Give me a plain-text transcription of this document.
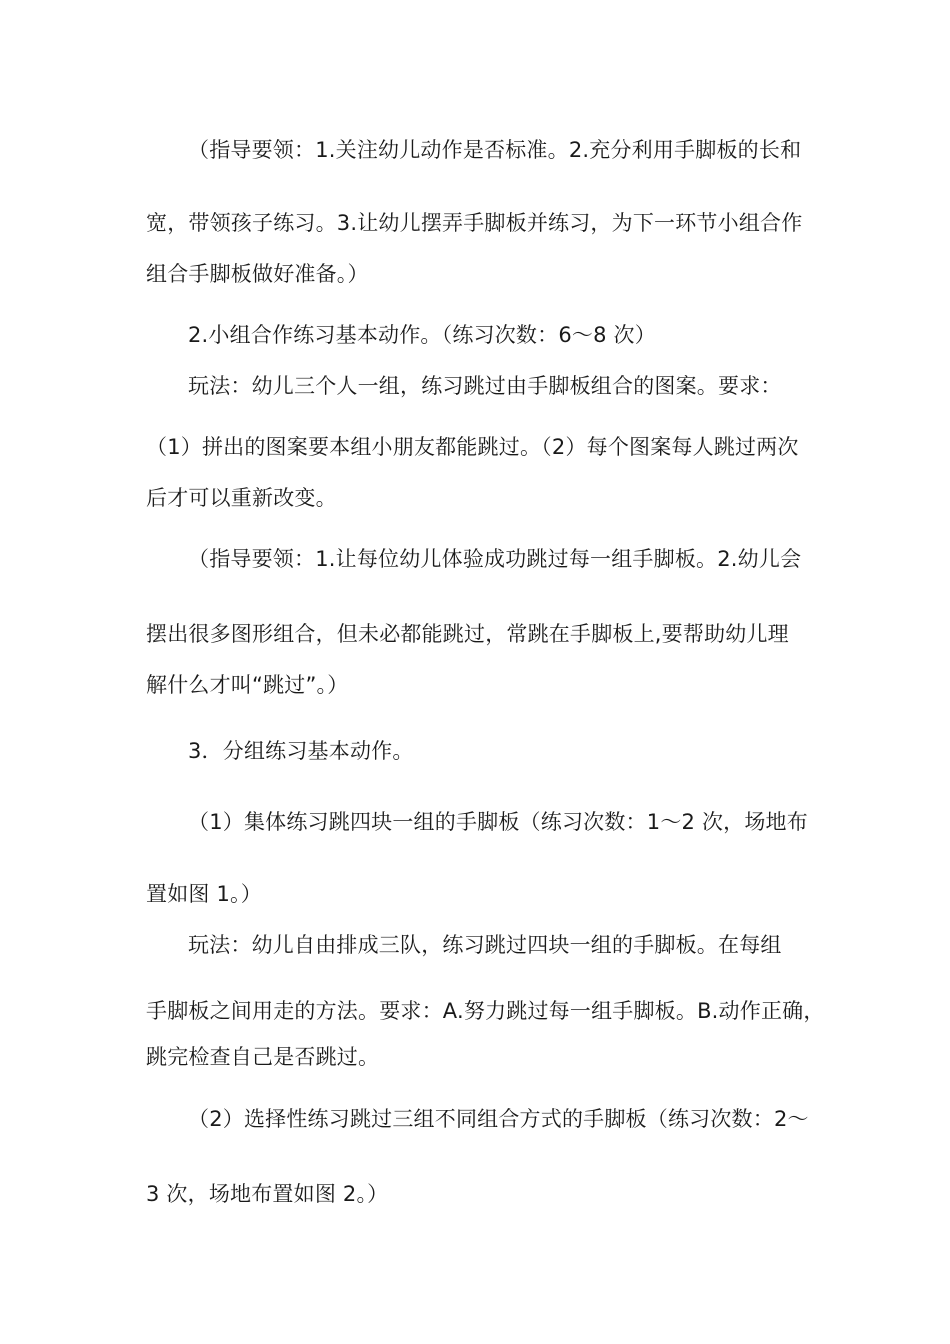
（指导要领：1.关注幼儿动作是否标准。2.充分利用手脚板的长和
宽，带领孩子练习。3.让幼儿摆弄手脚板并练习，为下一环节小组合作
组合手脚板做好准备。）
2.小组合作练习基本动作。（练习次数：6～8 次）
玩法：幼儿三个人一组，练习跳过由手脚板组合的图案。要求：
（1）拼出的图案要本组小朋友都能跳过。（2）每个图案每人跳过两次
后才可以重新改变。
（指导要领：1.让每位幼儿体验成功跳过每一组手脚板。2.幼儿会
摆出很多图形组合，但未必都能跳过，常跳在手脚板上,要帮助幼儿理
解什么才叫“跳过”。）
3．分组练习基本动作。
（1）集体练习跳四块一组的手脚板（练习次数：1～2 次，场地布
置如图 1。）
玩法：幼儿自由排成三队，练习跳过四块一组的手脚板。在每组
手脚板之间用走的方法。要求：A.努力跳过每一组手脚板。B.动作正确，
跳完检查自己是否跳过。
（2）选择性练习跳过三组不同组合方式的手脚板（练习次数：2～
3 次，场地布置如图 2。）
